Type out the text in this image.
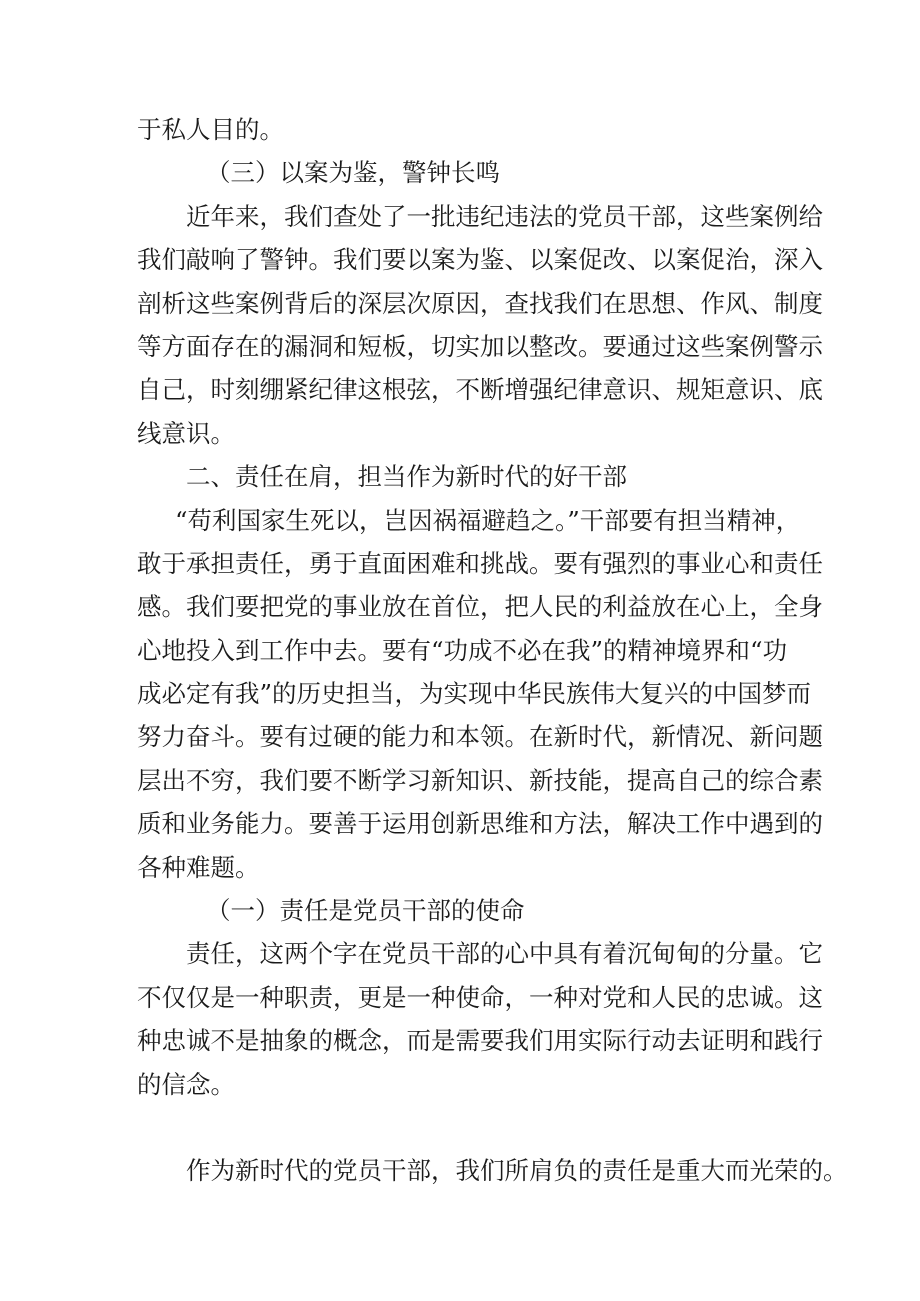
于私人目的。
（三）以案为鉴，警钟长鸣
近年来，我们查处了一批违纪违法的党员干部，这些案例给
我们敲响了警钟。我们要以案为鉴、以案促改、以案促治，深入
剖析这些案例背后的深层次原因，查找我们在思想、作风、制度
等方面存在的漏洞和短板，切实加以整改。要通过这些案例警示
自己，时刻绷紧纪律这根弦，不断增强纪律意识、规矩意识、底
线意识。
二、责任在肩，担当作为新时代的好干部
“苟利国家生死以，岂因祸福避趋之。”干部要有担当精神，
敢于承担责任，勇于直面困难和挑战。要有强烈的事业心和责任
感。我们要把党的事业放在首位，把人民的利益放在心上，全身
心地投入到工作中去。要有“功成不必在我”的精神境界和“功
成必定有我”的历史担当，为实现中华民族伟大复兴的中国梦而
努力奋斗。要有过硬的能力和本领。在新时代，新情况、新问题
层出不穷，我们要不断学习新知识、新技能，提高自己的综合素
质和业务能力。要善于运用创新思维和方法，解决工作中遇到的
各种难题。
（一）责任是党员干部的使命
责任，这两个字在党员干部的心中具有着沉甸甸的分量。它
不仅仅是一种职责，更是一种使命，一种对党和人民的忠诚。这
种忠诚不是抽象的概念，而是需要我们用实际行动去证明和践行
的信念。
作为新时代的党员干部，我们所肩负的责任是重大而光荣的。
